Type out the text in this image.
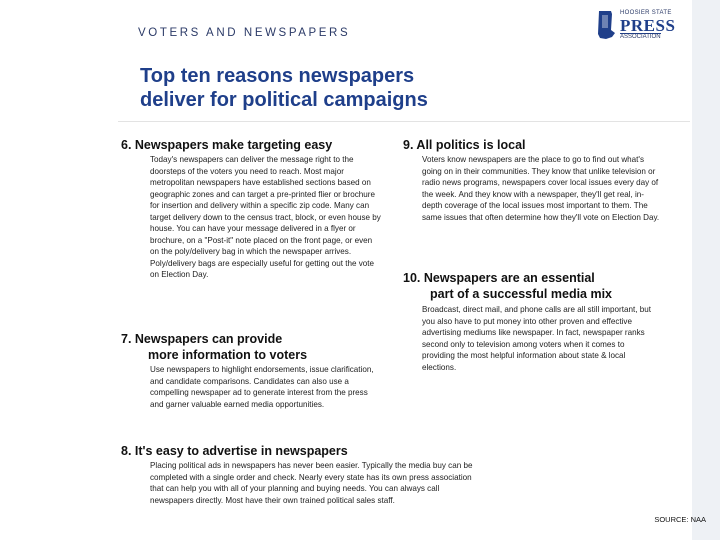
VOTERS AND NEWSPAPERS
HOOSIER STATE
PRESS
ASSOCIATION
Top ten reasons newspapers
deliver for political campaigns
6. Newspapers make targeting easy
Today's newspapers can deliver the message right to the doorsteps of the voters you need to reach. Most major metropolitan newspapers have established sections based on geographic zones and can target a pre-printed flier or brochure for insertion and delivery within a specific zip code. Many can target delivery down to the census tract, block, or even house by house. You can have your message delivered in a flyer or brochure, on a "Post-it" note placed on the front page, or even on the poly/delivery bag in which the newspaper arrives. Poly/delivery bags are especially useful for getting out the vote on Election Day.
7. Newspapers can provide
more information to voters
Use newspapers to highlight endorsements, issue clarification, and candidate comparisons. Candidates can also use a compelling newspaper ad to generate interest from the press and garner valuable earned media opportunities.
8. It's easy to advertise in newspapers
Placing political ads in newspapers has never been easier. Typically the media buy can be completed with a single order and check. Nearly every state has its own press association that can help you with all of your planning and buying needs. You can always call newspapers directly. Most have their own trained political sales staff.
9. All politics is local
Voters know newspapers are the place to go to find out what's going on in their communities. They know that unlike television or radio news programs, newspapers cover local issues every day of the week. And they know with a newspaper, they'll get real, in-depth coverage of the local issues most important to them. The same issues that often determine how they'll vote on Election Day.
10. Newspapers are an essential
part of a successful media mix
Broadcast, direct mail, and phone calls are all still important, but you also have to put money into other proven and effective advertising mediums like newspaper. In fact, newspaper ranks second only to television among voters when it comes to providing the most helpful information about state & local elections.
SOURCE: NAA
